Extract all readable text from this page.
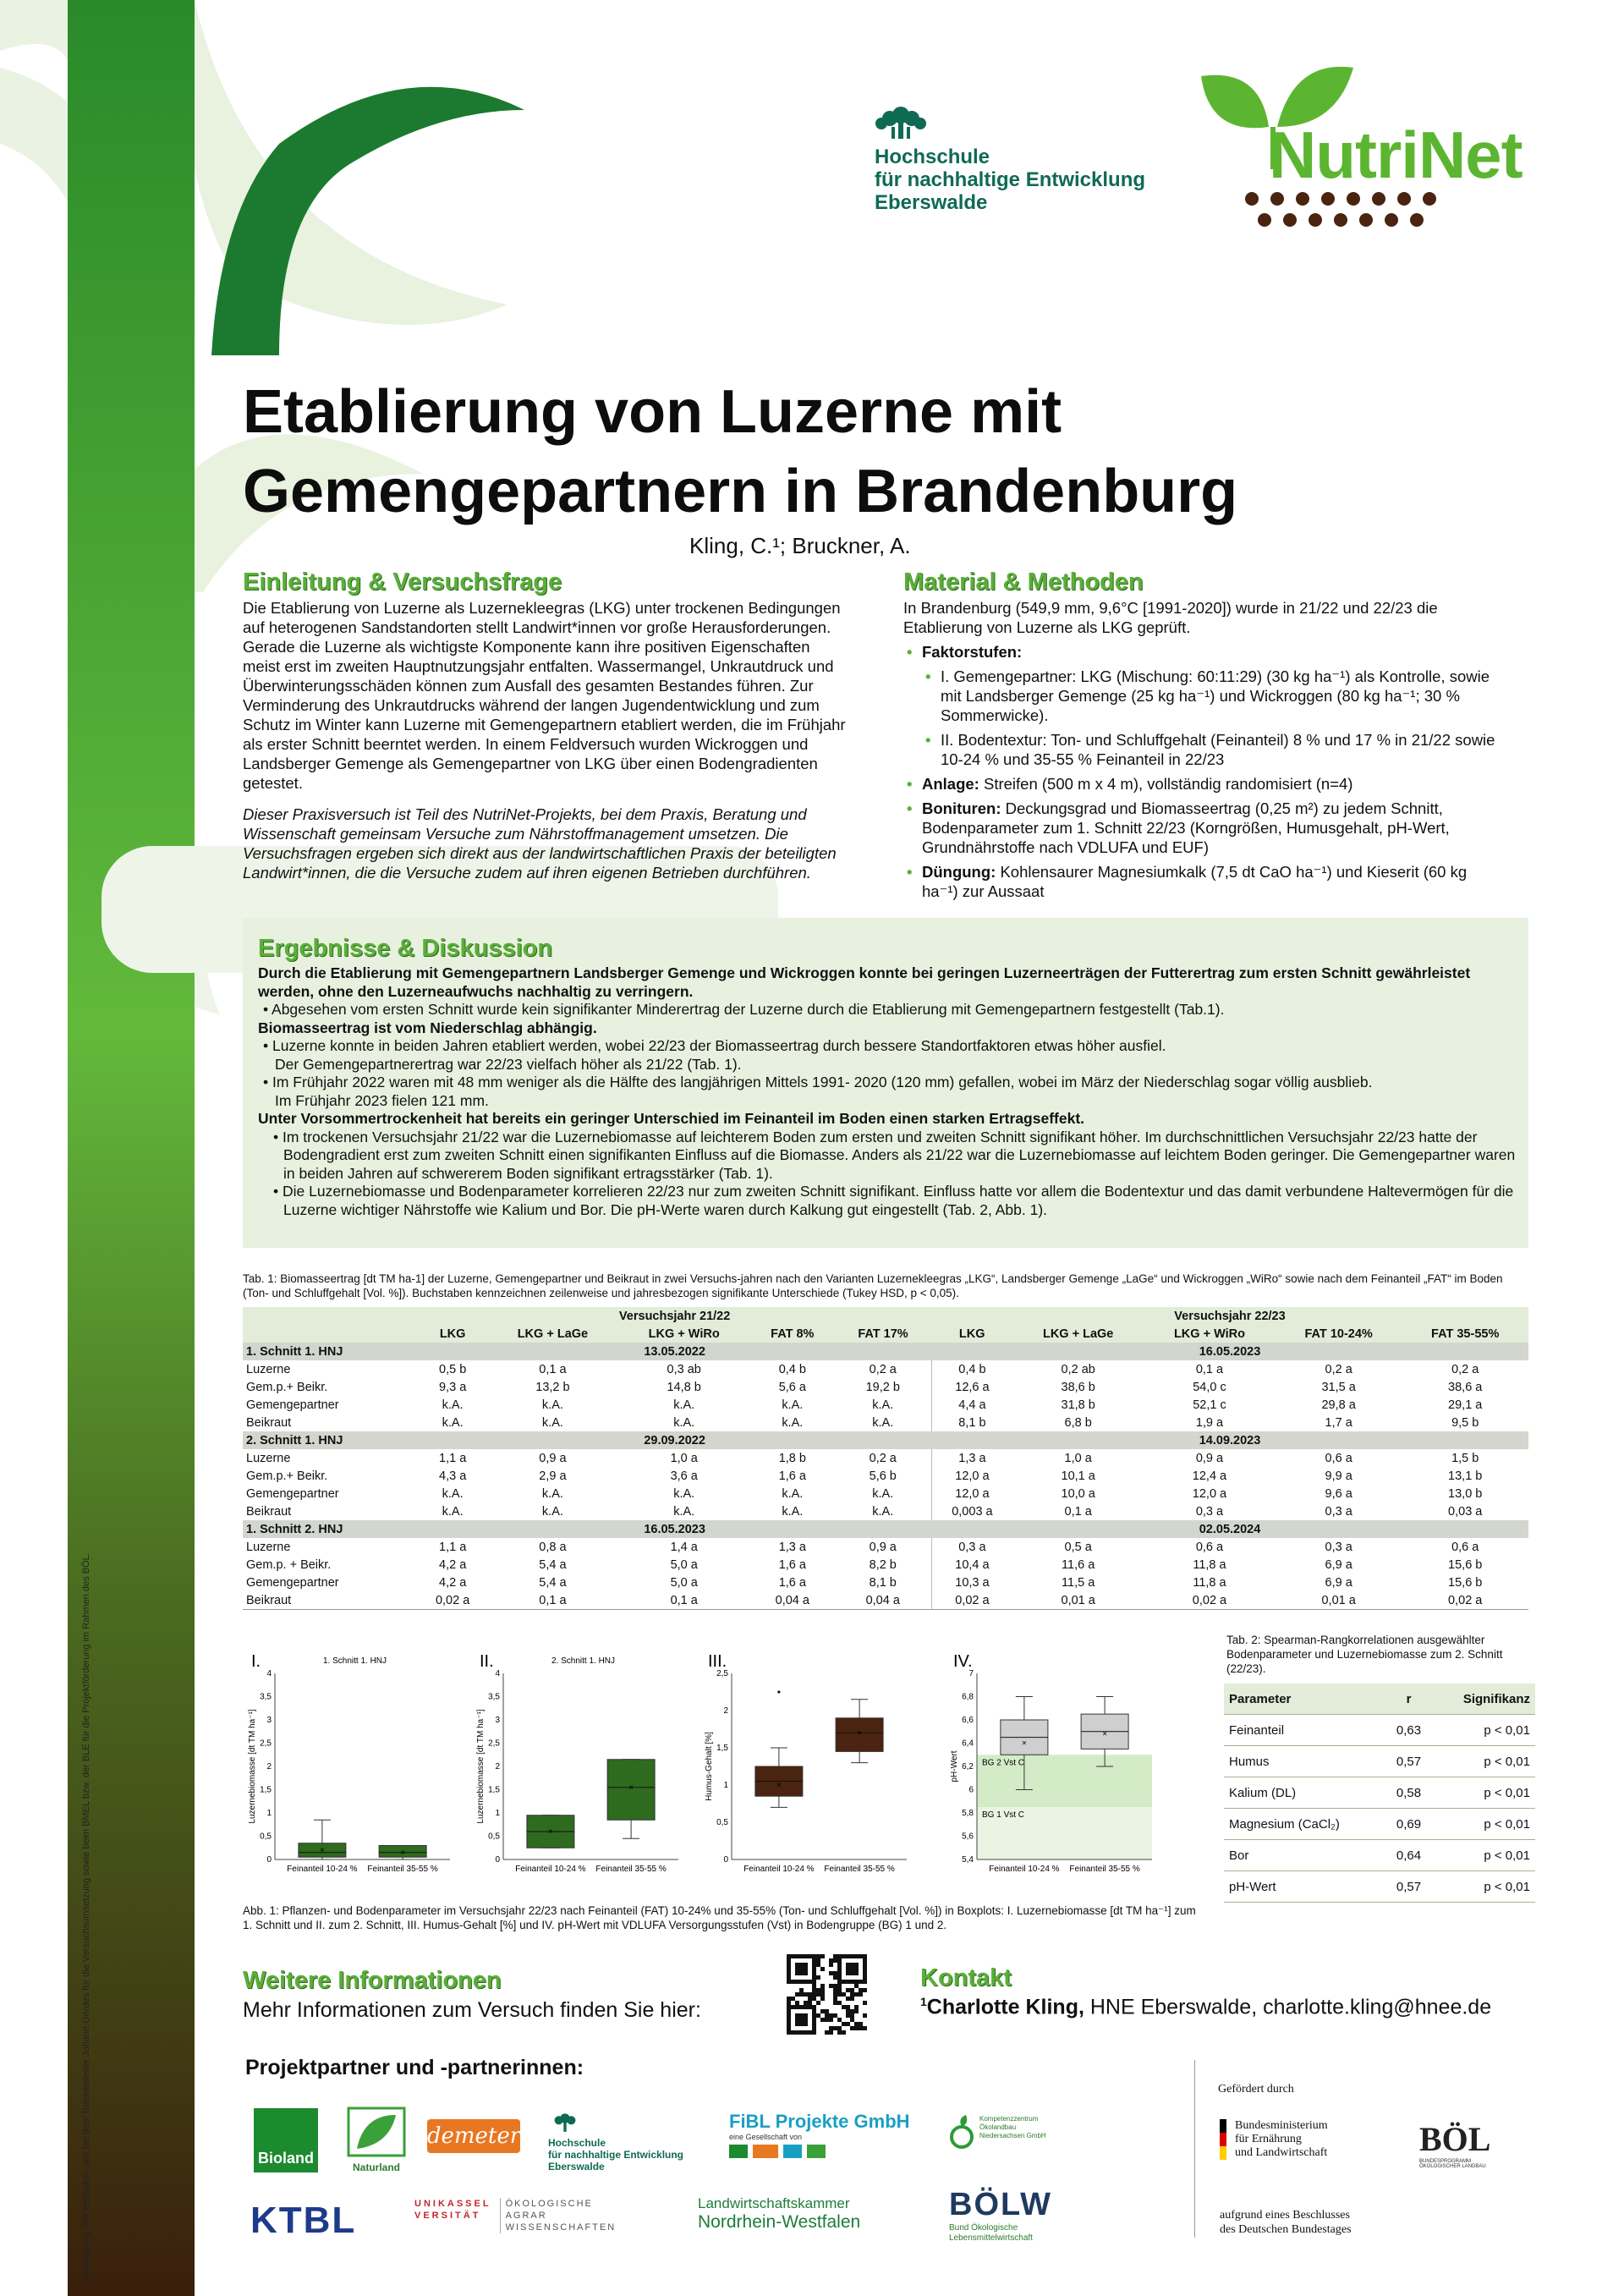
Hochschule
für nachhaltige Entwicklung
Eberswalde
NutriNet
Etablierung von Luzerne mit Gemengepartnern in Brandenburg
Kling, C.¹; Bruckner, A.
Einleitung & Versuchsfrage

Die Etablierung von Luzerne als Luzernekleegras (LKG) unter trockenen Bedingungen auf heterogenen Sandstandorten stellt Landwirt*innen vor große Herausforderungen. Gerade die Luzerne als wichtigste Komponente kann ihre positiven Eigenschaften meist erst im zweiten Hauptnutzungsjahr entfalten. Wassermangel, Unkrautdruck und Überwinterungsschäden können zum Ausfall des gesamten Bestandes führen. Zur Verminderung des Unkrautdrucks während der langen Jugendentwicklung und zum Schutz im Winter kann Luzerne mit Gemengepartnern etabliert werden, die im Frühjahr als erster Schnitt beerntet werden. In einem Feldversuch wurden Wickroggen und Landsberger Gemenge als Gemengepartner von LKG über einen Bodengradienten getestet.

Dieser Praxisversuch ist Teil des NutriNet-Projekts, bei dem Praxis, Beratung und Wissenschaft gemeinsam Versuche zum Nährstoffmanagement umsetzen. Die Versuchsfragen ergeben sich direkt aus der landwirtschaftlichen Praxis der beteiligten Landwirt*innen, die die Versuche zudem auf ihren eigenen Betrieben durchführen.

Material & Methoden
In Brandenburg (549,9 mm, 9,6°C [1991-2020]) wurde in 21/22 und 22/23 die Etablierung von Luzerne als LKG geprüft.
• Faktorstufen:
• I. Gemengepartner: LKG (Mischung: 60:11:29) (30 kg ha⁻¹) als Kontrolle, sowie mit Landsberger Gemenge (25 kg ha⁻¹) und Wickroggen (80 kg ha⁻¹; 30 % Sommerwicke).
• II. Bodentextur: Ton- und Schluffgehalt (Feinanteil) 8 % und 17 % in 21/22 sowie 10-24 % und 35-55 % Feinanteil in 22/23
• Anlage: Streifen (500 m x 4 m), vollständig randomisiert (n=4)
• Bonituren: Deckungsgrad und Biomasseertrag (0,25 m²) zu jedem Schnitt, Bodenparameter zum 1. Schnitt 22/23 (Korngrößen, Humusgehalt, pH-Wert, Grundnährstoffe nach VDLUFA und EUF)
• Düngung: Kohlensaurer Magnesiumkalk (7,5 dt CaO ha⁻¹) und Kieserit (60 kg ha⁻¹) zur Aussaat
Ergebnisse & Diskussion
Durch die Etablierung mit Gemengepartnern Landsberger Gemenge und Wickroggen konnte bei geringen Luzerneerträgen der Futterertrag zum ersten Schnitt gewährleistet werden, ohne den Luzerneaufwuchs nachhaltig zu verringern.
• Abgesehen vom ersten Schnitt wurde kein signifikanter Minderertrag der Luzerne durch die Etablierung mit Gemengepartnern festgestellt (Tab.1).
Biomasseertrag ist vom Niederschlag abhängig.
• Luzerne konnte in beiden Jahren etabliert werden, wobei 22/23 der Biomasseertrag durch bessere Standortfaktoren etwas höher ausfiel.
Der Gemengepartnerertrag war 22/23 vielfach höher als 21/22 (Tab. 1).
• Im Frühjahr 2022 waren mit 48 mm weniger als die Hälfte des langjährigen Mittels 1991- 2020 (120 mm) gefallen, wobei im März der Niederschlag sogar völlig ausblieb.
Im Frühjahr 2023 fielen 121 mm.
Unter Vorsommertrockenheit hat bereits ein geringer Unterschied im Feinanteil im Boden einen starken Ertragseffekt.
• Im trockenen Versuchsjahr 21/22 war die Luzernebiomasse auf leichterem Boden zum ersten und zweiten Schnitt signifikant höher. Im durchschnittlichen Versuchsjahr 22/23 hatte der Bodengradient erst zum zweiten Schnitt einen signifikanten Einfluss auf die Biomasse. Anders als 21/22 war die Luzernebiomasse auf leichtem Boden geringer. Die Gemengepartner waren in beiden Jahren auf schwererem Boden signifikant ertragsstärker (Tab. 1).
• Die Luzernebiomasse und Bodenparameter korrelieren 22/23 nur zum zweiten Schnitt signifikant. Einfluss hatte vor allem die Bodentextur und das damit verbundene Haltevermögen für die Luzerne wichtiger Nährstoffe wie Kalium und Bor. Die pH-Werte waren durch Kalkung gut eingestellt (Tab. 2, Abb. 1).
Tab. 1: Biomasseertrag [dt TM ha-1] der Luzerne, Gemengepartner und Beikraut in zwei Versuchs-jahren nach den Varianten Luzernekleegras „LKG“, Landsberger Gemenge „LaGe“ und Wickroggen „WiRo“ sowie nach dem Feinanteil „FAT“ im Boden (Ton- und Schluffgehalt [Vol. %]). Buchstaben kennzeichnen zeilenweise und jahresbezogen signifikante Unterschiede (Tukey HSD, p < 0,05).
	Versuchsjahr 21/22					Versuchsjahr 22/23				
	LKG	LKG + LaGe	LKG + WiRo	FAT 8%	FAT 17%	LKG	LKG + LaGe	LKG + WiRo	FAT 10-24%	FAT 35-55%
1. Schnitt 1. HNJ	13.05.2022					16.05.2023				
Luzerne	0,5 b	0,1 a	0,3 ab	0,4 b	0,2 a	0,4 b	0,2 ab	0,1 a	0,2 a	0,2 a
Gem.p.+ Beikr.	9,3 a	13,2 b	14,8 b	5,6 a	19,2 b	12,6 a	38,6 b	54,0 c	31,5 a	38,6 a
Gemengepartner	k.A.	k.A.	k.A.	k.A.	k.A.	4,4 a	31,8 b	52,1 c	29,8 a	29,1 a
Beikraut	k.A.	k.A.	k.A.	k.A.	k.A.	8,1 b	6,8 b	1,9 a	1,7 a	9,5 b
2. Schnitt 1. HNJ	29.09.2022					14.09.2023				
Luzerne	1,1 a	0,9 a	1,0 a	1,8 b	0,2 a	1,3 a	1,0 a	0,9 a	0,6 a	1,5 b
Gem.p.+ Beikr.	4,3 a	2,9 a	3,6 a	1,6 a	5,6 b	12,0 a	10,1 a	12,4 a	9,9 a	13,1 b
Gemengepartner	k.A.	k.A.	k.A.	k.A.	k.A.	12,0 a	10,0 a	12,0 a	9,6 a	13,0 b
Beikraut	k.A.	k.A.	k.A.	k.A.	k.A.	0,003 a	0,1 a	0,3 a	0,3 a	0,03 a
1. Schnitt 2. HNJ	16.05.2023					02.05.2024				
Luzerne	1,1 a	0,8 a	1,4 a	1,3 a	0,9 a	0,3 a	0,5 a	0,6 a	0,3 a	0,6 a
Gem.p. + Beikr.	4,2 a	5,4 a	5,0 a	1,6 a	8,2 b	10,4 a	11,6 a	11,8 a	6,9 a	15,6 b
Gemengepartner	4,2 a	5,4 a	5,0 a	1,6 a	8,1 b	10,3 a	11,5 a	11,8 a	6,9 a	15,6 b
Beikraut	0,02 a	0,1 a	0,1 a	0,04 a	0,04 a	0,02 a	0,01 a	0,02 a	0,01 a	0,02 a
I.	1. Schnitt 1. HNJ
0
0,5
1
1,5
2
2,5
3
3,5
4
Luzernebiomasse [dt TM ha⁻¹]
×
Feinanteil 10-24 %
×
Feinanteil 35-55 %
II.	2. Schnitt 1. HNJ
0
0,5
1
1,5
2
2,5
3
3,5
4
Luzernebiomasse [dt TM ha⁻¹]
×
Feinanteil 10-24 %
×
Feinanteil 35-55 %
III.
0
0,5
1
1,5
2
2,5
Humus-Gehalt [%]	×
Feinanteil 10-24 %
×
Feinanteil 35-55 %
IV.
BG 2 Vst C
BG 1 Vst C
5,4
5,6
5,8
6
6,2
6,4
6,6
6,8
7
pH-Wert
×
Feinanteil 10-24 %
×
Feinanteil 35-55 %
Abb. 1: Pflanzen- und Bodenparameter im Versuchsjahr 22/23 nach Feinanteil (FAT) 10-24% und 35-55% (Ton- und Schluffgehalt [Vol. %]) in Boxplots: I. Luzernebiomasse [dt TM ha⁻¹] zum 1. Schnitt und II. zum 2. Schnitt, III. Humus-Gehalt [%] und IV. pH-Wert mit VDLUFA Versorgungsstufen (Vst) in Bodengruppe (BG) 1 und 2.
Tab. 2: Spearman-Rangkorrelationen ausgewählter Bodenparameter und Luzernebiomasse zum 2. Schnitt (22/23).
Parameter	r	Signifikanz
Feinanteil	0,63	p < 0,01
Humus	0,57	p < 0,01
Kalium (DL)	0,58	p < 0,01
Magnesium (CaCl₂)	0,69	p < 0,01
Bor	0,64	p < 0,01
pH-Wert	0,57	p < 0,01
Weitere Informationen
Mehr Informationen zum Versuch finden Sie hier:
Kontakt
$^1$Charlotte Kling, HNE Eberswalde, charlotte.kling@hnee.de
Projektpartner und -partnerinnen:
Bioland
Naturland
demeter	Hochschule
für nachhaltige Entwicklung
Eberswalde
FiBL Projekte GmbH
eine Gesellschaft von
Kompetenzzentrum
Ökolandbau
Niedersachsen GmbH
KTBL	UNIKASSEL
VERSITÄT
ÖKOLOGISCHE
AGRAR
WISSENSCHAFTEN
Landwirtschaftskammer
Nordrhein-Westfalen	BÖLW
Bund Ökologische
Lebensmittelwirtschaft
Gefördert durch
Bundesministerium
für Ernährung
und Landwirtschaft
aufgrund eines Beschlusses
des Deutschen Bundestages
BÖL
BUNDESPROGRAMM ÖKOLOGISCHER LANDBAU
Danksagung: Wir bedanken uns bei dem Betriebsleiter Johann Gerdes für die Versuchsumsetzung sowie beim BMEL bzw. der BLE für die Projektförderung im Rahmen des BÖL.
